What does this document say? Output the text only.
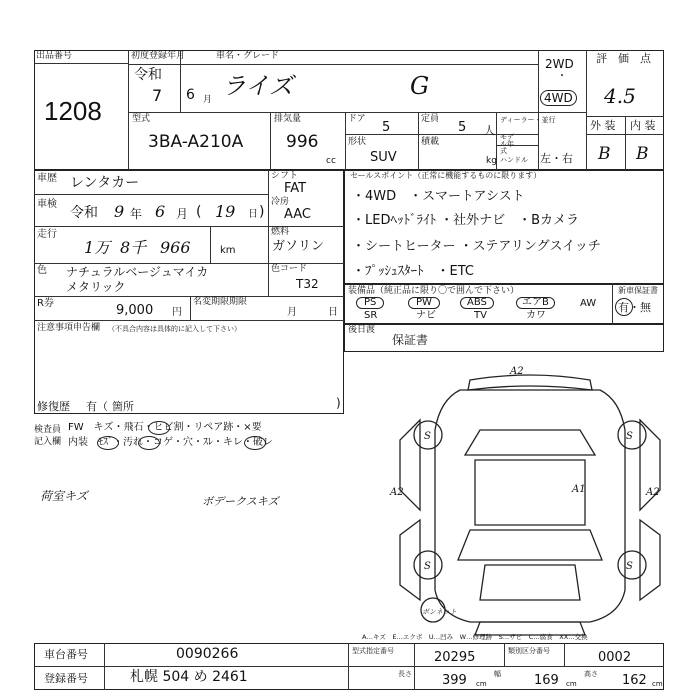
出品番号
1208
初度登録年月
令和
7 6 月
車名・グレード
ライズ	G
2WD
・
4WD
評　価　点
4.5
外 装 内 装
B B
型式
3BA-A210A
排気量
996
cc
ドア
5
定員
5 人
ディーラー・並行
モデル年式
形状
SUV
積載
kg ハンドル 左・右
車歴 レンタカー
車検
令和 9 年 6 月 ( 19 日 )
走行
1万 8千 966	km
シフト
FAT
冷房
AAC
燃料
ガソリン
色 ナチュラルベージュマイカ
メタリック
色コード
T32
R券	9,000 円
名変期限期限
月	日
注意事項申告欄 （不具合内容は具体的に記入して下さい）
修復歴 有（ 箇所	)
セールスポイント（正常に機能するものに限ります）
・4WD　・スマートアシスト
・LEDﾍｯﾄﾞﾗｲﾄ ・社外ナビ　・Bカメラ
・シートヒーター ・ステアリングスイッチ
・ﾌﾟｯｼｭｽﾀｰﾄ　・ETC
装備品（純正品に限り〇で囲んで下さい）
PS
SR
PW
ナビ
ABS
TV
エアB
カワ
AW
新車保証書
有・無
後日渡
保証書
検査員記入欄
FW　キズ・飛石・ヒビ割・リペア跡・×要
内装　ﾓｽﾞ・汚れ・コゲ・穴・ｽﾚ・キレ・破レ
荷室キズ	ボデークスキズ
A2
S	S
A2	A1	A2
S	S
ボンネット
A…キズ　E…エクボ　U…凹み　W…修理跡　S…サビ　C…腐食　XX…交換
車台番号	0090266
登録番号	札幌 504 め 2461
型式指定番号	20295	類別区分番号	0002
長さ 399 cm
幅	169 cm
高さ 162 cm
